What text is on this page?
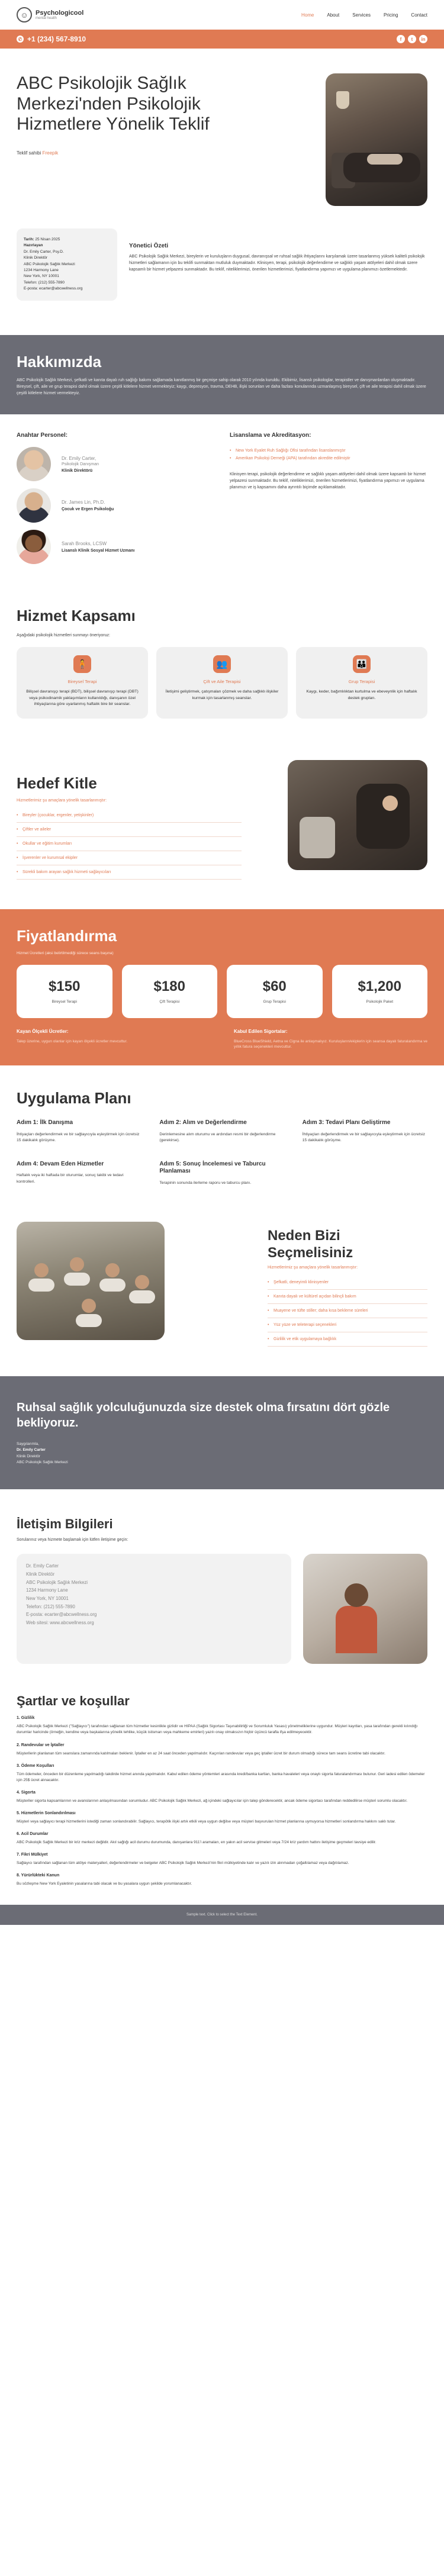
☺	Psychologicool
mental health
Home	About	Services	Pricing	Contact
✆ +1 (234) 567-8910	f	t	in
ABC Psikolojik Sağlık Merkezi'nden Psikolojik Hizmetlere Yönelik Teklif

Teklif sahibi Freepik

Tarih: 25 Nisan 2025
Hazırlayan
Dr. Emily Carter, Psy.D.
Klinik Direktör
ABC Psikolojik Sağlık Merkezi
1234 Harmony Lane
New York, NY 10001
Telefon: (212) 555-7890
E-posta: ecarter@abcwellness.org
Yönetici Özeti

ABC Psikolojik Sağlık Merkezi, bireylerin ve kuruluşların duygusal, davranışsal ve ruhsal sağlık ihtiyaçlarını karşılamak üzere tasarlanmış yüksek kaliteli psikolojik hizmetleri sağlamanın için bu teklifi sunmaktan mutluluk duymaktadır. Klinisyen, terapi, psikolojik değerlendirme ve sağlıklı yaşam atölyeleri dahil olmak üzere kapsamlı bir hizmet yelpazesi sunmaktadır. Bu teklif, niteliklerimizi, önerilen hizmetlerimizi, fiyatlandırma yapımızı ve uygulama planımızı özetlemektedir.

Hakkımızda

ABC Psikolojik Sağlık Merkezi, şefkatli ve kanıta dayalı ruh sağlığı bakımı sağlamada kanıtlanmış bir geçmişe sahip olarak 2010 yılında kuruldu. Ekibimiz, lisanslı psikologlar, terapistler ve danışmanlardan oluşmaktadır. Bireysel, çift, aile ve grup terapisi dahil olmak üzere çeşitli kitlelere hizmet vermekteyiz; kaygı, depresyon, travma, DEHB, ilişki sorunları ve daha fazlası konularında uzmanlaşmış bireysel, çift ve aile terapisi dahil olmak üzere çeşitli kitlelere hizmet vermekteyiz.

Anahtar Personel:
Dr. Emily Carter,
Psikolojik Danışman
Klinik Direktörü
Dr. James Lin, Ph.D.
Çocuk ve Ergen Psikoloğu
Sarah Brooks, LCSW
Lisanslı Klinik Sosyal Hizmet Uzmanı
Lisanslama ve Akreditasyon:
• New York Eyalet Ruh Sağlığı Ofisi tarafından lisanslanmıştır
• Amerikan Psikoloji Derneği (APA) tarafından akredite edilmiştir

Klinisyen terapi, psikolojik değerlendirme ve sağlıklı yaşam atölyeleri dahil olmak üzere kapsamlı bir hizmet yelpazesi sunmaktadır. Bu teklif, niteliklerimizi, önerilen hizmetlerimizi, fiyatlandırma yapımızı ve uygulama planımızı ve iş kapsamını daha ayrıntılı biçimde açıklamaktadır.

Hizmet Kapsamı

Aşağıdaki psikolojik hizmetleri sunmayı öneriyoruz:

🧍
Bireysel Terapi
Bilişsel davranışçı terapi (BDT), bilişsel davranışçı terapi (DBT) veya psikodinamik yaklaşımların kullanıldığı, danışanın özel ihtiyaçlarına göre uyarlanmış haftalık bire bir seanslar.
👥
Çift ve Aile Terapisi
İletişimi geliştirmek, çatışmaları çözmek ve daha sağlıklı ilişkiler kurmak için tasarlanmış seanslar.
👪
Grup Terapisi
Kaygı, keder, bağımlılıktan kurtulma ve ebeveynlik için haftalık destek grupları.
Hedef Kitle

Hizmetlerimiz şu amaçlara yönelik tasarlanmıştır:

• Bireyler (çocuklar, ergenler, yetişkinler)
• Çiftler ve aileler
• Okullar ve eğitim kurumları
• İşverenler ve kurumsal ekipler
• Sürekli bakım arayan sağlık hizmeti sağlayıcıları
Fiyatlandırma

Hizmet Ücretleri (aksi belirtilmediği sürece seans başına)

$150
Bireysel Terapi
$180
Çift Terapisi
$60
Grup Terapisi
$1,200
Psikolojik Paket
Kayan Ölçekli Ücretler:
Talep üzerine, uygun olanlar için kayan ölçekli ücretler mevcuttur.
Kabul Edilen Sigortalar:
BlueCross BlueShield, Aetna ve Cigna ile anlaşmalıyız. Kuruluşların/ekiplerin için seansa dayalı faturalandırma ve yıllık fatura seçenekleri mevcuttur.
Uygulama Planı
Adım 1: İlk Danışma
İhtiyaçları değerlendirmek ve bir sağlayıcıyla eşleştirmek için ücretsiz 15 dakikalık görüşme.
Adım 2: Alım ve Değerlendirme
Derinlemesine alım oturumu ve ardından resmi bir değerlendirme (gerekirse).
Adım 3: Tedavi Planı Geliştirme
İhtiyaçları değerlendirmek ve bir sağlayıcıyla eşleştirmek için ücretsiz 15 dakikalık görüşme.
Adım 4: Devam Eden Hizmetler
Haftalık veya iki haftada bir oturumlar, sonuç takibi ve tedavi kontrolleri.
Adım 5: Sonuç İncelemesi ve Taburcu Planlaması
Terapinin sonunda ilerleme raporu ve taburcu planı.
Neden Bizi Seçmelisiniz

Hizmetlerimiz şu amaçlara yönelik tasarlanmıştır:

• Şefkatli, deneyimli klinisyenler
• Kanıta dayalı ve kültürel açıdan bilinçli bakım
• Muayene ve tüfte stiller; daha kısa bekleme süreleri
• Yüz yüze ve teleterapi seçenekleri
• Gizlilik ve etik uygulamaya bağlılık
Ruhsal sağlık yolculuğunuzda size destek olma fırsatını dört gözle bekliyoruz.
Saygılarımla,
Dr. Emily Carter
Klinik Direktör
ABC Psikolojik Sağlık Merkezi
İletişim Bilgileri

Sorularınız veya hizmete başlamak için lütfen iletişime geçin:

Dr. Emily Carter
Klinik Direktör
ABC Psikolojik Sağlık Merkezi
1234 Harmony Lane
New York, NY 10001
Telefon: (212) 555-7890
E-posta: ecarter@abcwellness.org
Web sitesi: www.abcwellness.org
Şartlar ve koşullar
1. Gizlilik
ABC Psikolojik Sağlık Merkezi ("Sağlayıcı") tarafından sağlanan tüm hizmetler kesinlikle gizlidir ve HIPAA (Sağlık Sigortası Taşınabilirliği ve Sorumluluk Yasası) yönetmeliklerine uygundur. Müşteri kayıtları, yasa tarafından gerekli kılındığı durumlar haricinde (örneğin, kendine veya başkalarına yönelik tehlike, küçük istismarı veya mahkeme emirleri) yazılı onay olmaksızın hiçbir üçüncü tarafla ifşa edilmeyecektir.
2. Randevular ve İptaller
Müşterilerin planlanan tüm seanslara zamanında katılmaları beklenir. İptaller en az 24 saat önceden yapılmalıdır. Kaçırılan randevular veya geç iptaller ücret bir durum olmadığı sürece tam seans ücretine tabi olacaktır.
3. Ödeme Koşulları
Tüm ödemeler, önceden bir düzenleme yapılmadığı takdirde hizmet anında yapılmalıdır. Kabul edilen ödeme yöntemleri arasında kredi/banka kartları, banka havaleleri veya onaylı sigorta faturalandırması bulunur. Geri iadesi edilen ödemeler için 25$ ücret alınacaktır.
4. Sigorta
Müşteriler sigorta kapsamlarının ve avanslarının anlaşılmasından sorumludur. ABC Psikolojik Sağlık Merkezi, ağ içindeki sağlayıcılar için talep gönderecektir, ancak ödeme sigortacı tarafından reddedilirse müşteri sorumlu olacaktır.
5. Hizmetlerin Sonlandırılması
Müşteri veya sağlayıcı terapi hizmetlerini istediği zaman sonlandırabilir. Sağlayıcı, terapötik ilişki artık etkili veya uygun değilse veya müşteri başvurulan hizmet planlarına uymuyorsa hizmetleri sonlandırma hakkını saklı tutar.
6. Acil Durumlar
ABC Psikolojik Sağlık Merkezi bir kriz merkezi değildir. Akıl sağlığı acil durumu durumunda, danışanlara 911'i aramaları, en yakın acil servise gitmeleri veya 7/24 kriz yardım hattını iletişime geçmeleri tavsiye edilir.
7. Fikri Mülkiyet
Sağlayıcı tarafından sağlanan tüm atölye materyalleri, değerlendirmeler ve belgeler ABC Psikolojik Sağlık Merkezi'nin fikri mülkiyetinde kalır ve yazılı izin alınmadan çoğaltılamaz veya dağıtılamaz.
8. Yürürlükteki Kanun
Bu sözleşme New York Eyaletinin yasalarına tabi olacak ve bu yasalara uygun şekilde yorumlanacaktır.
Sample text. Click to select the Text Element.
